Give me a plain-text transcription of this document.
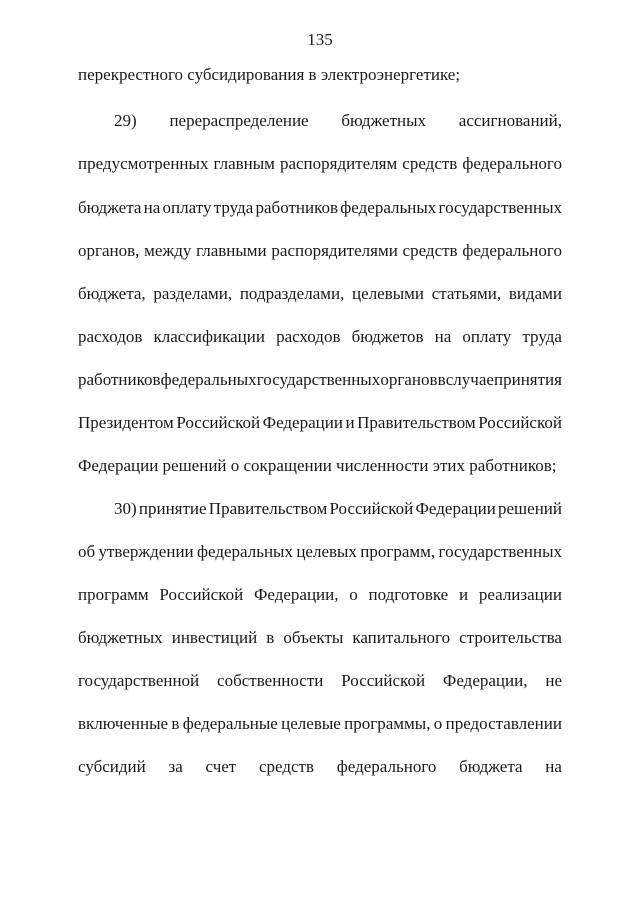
135
перекрестного субсидирования в электроэнергетике;
29) перераспределение бюджетных ассигнований,
предусмотренных главным распорядителям средств федерального
бюджета на оплату труда работников федеральных государственных
органов, между главными распорядителями средств федерального
бюджета, разделами, подразделами, целевыми статьями, видами
расходов классификации расходов бюджетов на оплату труда
работников федеральных государственных органов в случае принятия
Президентом Российской Федерации и Правительством Российской
Федерации решений о сокращении численности этих работников;
30) принятие Правительством Российской Федерации решений
об утверждении федеральных целевых программ, государственных
программ Российской Федерации, о подготовке и реализации
бюджетных инвестиций в объекты капитального строительства
государственной собственности Российской Федерации, не
включенные в федеральные целевые программы, о предоставлении
субсидий за счет средств федерального бюджета на
